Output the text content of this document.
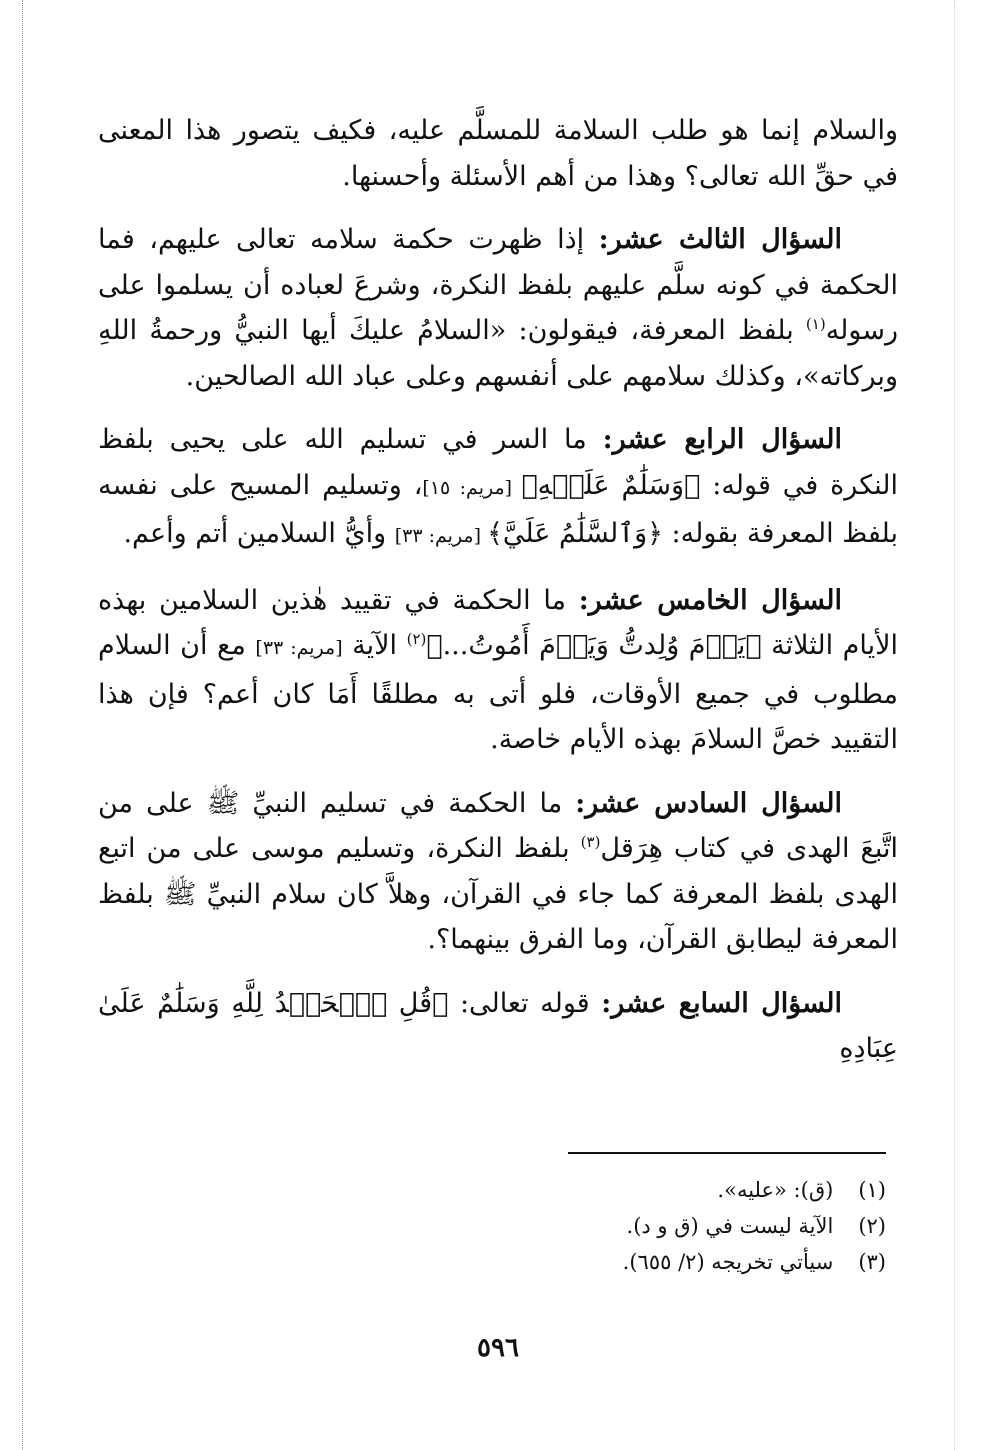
والسلام إنما هو طلب السلامة للمسلَّم عليه، فكيف يتصور هذا المعنى في حقِّ الله تعالى؟ وهذا من أهم الأسئلة وأحسنها.

السؤال الثالث عشر: إذا ظهرت حكمة سلامه تعالى عليهم، فما الحكمة في كونه سلَّم عليهم بلفظ النكرة، وشرعَ لعباده أن يسلموا على رسوله$^{(١)}$ بلفظ المعرفة، فيقولون: «السلامُ عليكَ أيها النبيُّ ورحمةُ اللهِ وبركاته»، وكذلك سلامهم على أنفسهم وعلى عباد الله الصالحين.

السؤال الرابع عشر: ما السر في تسليم الله على يحيى بلفظ النكرة في قوله: ﴿وَسَلَٰمٌ عَلَيۡهِ﴾ [مريم: ١٥]، وتسليم المسيح على نفسه بلفظ المعرفة بقوله: ﴿وَٱلسَّلَٰمُ عَلَيَّ﴾ [مريم: ٣٣] وأيُّ السلامين أتم وأعم.

السؤال الخامس عشر: ما الحكمة في تقييد هٰذين السلامين بهذه الأيام الثلاثة ﴿يَوۡمَ وُلِدتُّ وَيَوۡمَ أَمُوتُ...﴾$^{(٢)}$ الآية [مريم: ٣٣] مع أن السلام مطلوب في جميع الأوقات، فلو أتى به مطلقًا أَمَا كان أعم؟ فإن هذا التقييد خصَّ السلامَ بهذه الأيام خاصة.

السؤال السادس عشر: ما الحكمة في تسليم النبيِّ ﷺ على من اتَّبعَ الهدى في كتاب هِرَقل$^{(٣)}$ بلفظ النكرة، وتسليم موسى على من اتبع الهدى بلفظ المعرفة كما جاء في القرآن، وهلاَّ كان سلام النبيِّ ﷺ بلفظ المعرفة ليطابق القرآن، وما الفرق بينهما؟.

السؤال السابع عشر: قوله تعالى: ﴿قُلِ ٱلۡحَمۡدُ لِلَّهِ وَسَلَٰمٌ عَلَىٰ عِبَادِهِ

(١) (ق): «عليه».
(٢) الآية ليست في (ق و د).
(٣) سيأتي تخريجه (٢/ ٦٥٥).
٥٩٦
